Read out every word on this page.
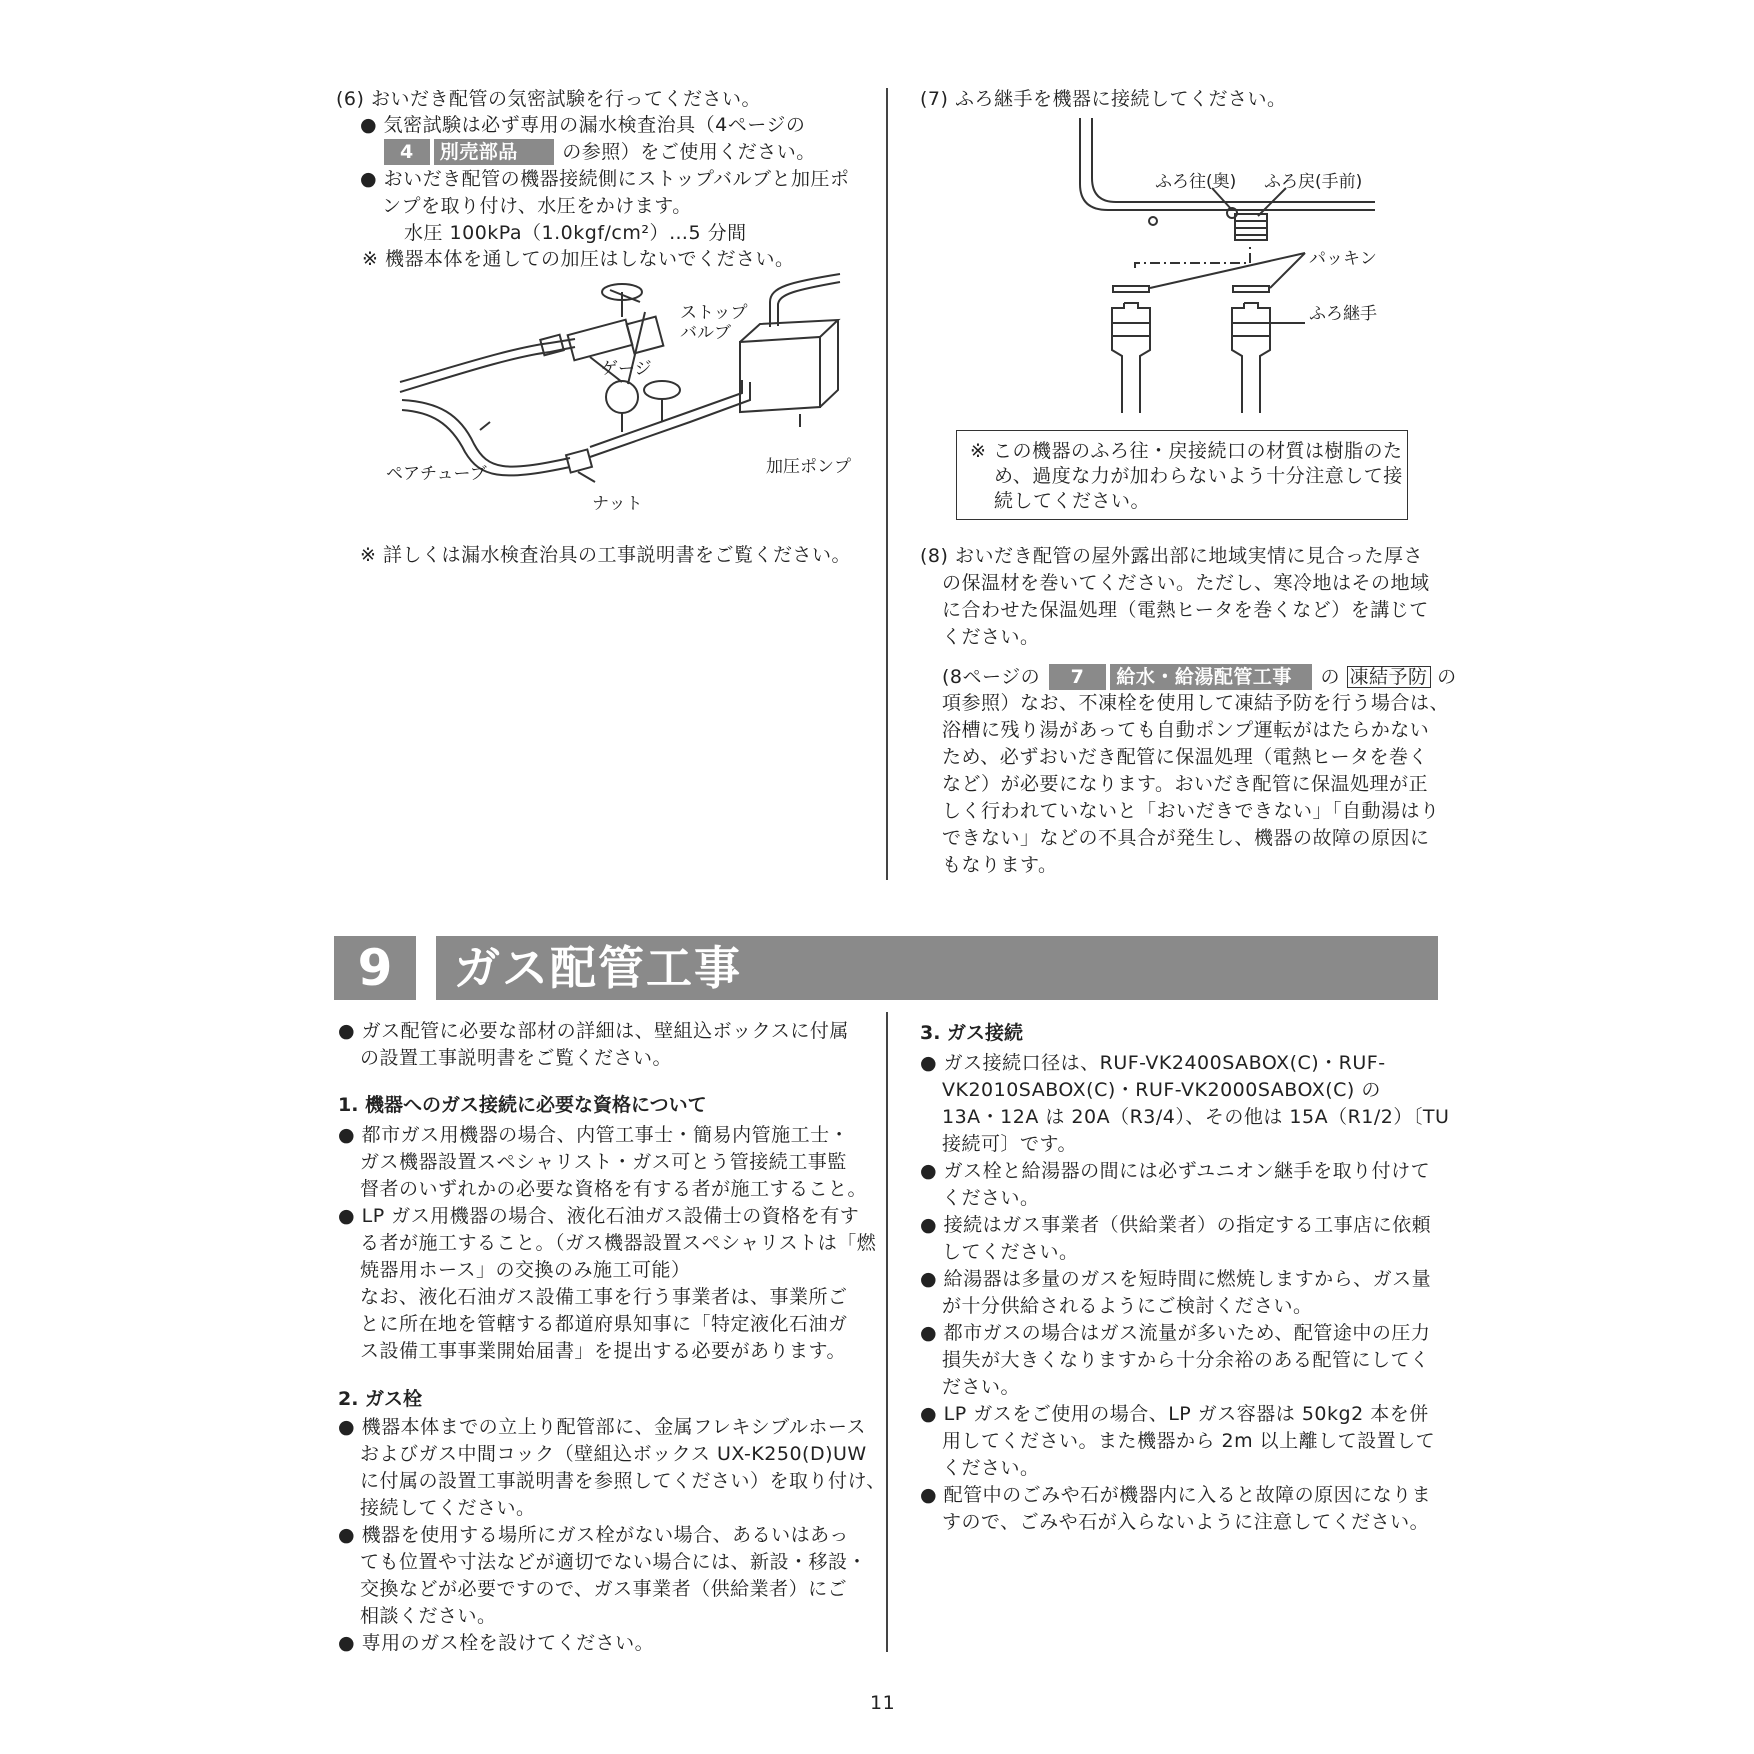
(6) おいだき配管の気密試験を行ってください。
● 気密試験は必ず専用の漏水検査治具（4ページの
4 別売部品 の参照）をご使用ください。
● おいだき配管の機器接続側にストップバルブと加圧ポ
ンプを取り付け、水圧をかけます。
水圧 100kPa（1.0kgf/cm²）…5 分間
※ 機器本体を通しての加圧はしないでください。
ストップ
バルブ
ゲージ
ペアチューブ	加圧ポンプ
ナット
※ 詳しくは漏水検査治具の工事説明書をご覧ください。
(7) ふろ継手を機器に接続してください。
ふろ往(奥) ふろ戻(手前)
パッキン
ふろ継手
※ この機器のふろ往・戻接続口の材質は樹脂のた
め、過度な力が加わらないよう十分注意して接
続してください。
(8) おいだき配管の屋外露出部に地域実情に見合った厚さ
の保温材を巻いてください。ただし、寒冷地はその地域
に合わせた保温処理（電熱ヒータを巻くなど）を講じて
ください。
(8ページの 7 給水・給湯配管工事 の 凍結予防 の
項参照）なお、不凍栓を使用して凍結予防を行う場合は、
浴槽に残り湯があっても自動ポンプ運転がはたらかない
ため、必ずおいだき配管に保温処理（電熱ヒータを巻く
など）が必要になります。おいだき配管に保温処理が正
しく行われていないと「おいだきできない」「自動湯はり
できない」などの不具合が発生し、機器の故障の原因に
もなります。
9	ガス配管工事
● ガス配管に必要な部材の詳細は、壁組込ボックスに付属
の設置工事説明書をご覧ください。
1. 機器へのガス接続に必要な資格について
● 都市ガス用機器の場合、内管工事士・簡易内管施工士・
ガス機器設置スペシャリスト・ガス可とう管接続工事監
督者のいずれかの必要な資格を有する者が施工すること。
● LP ガス用機器の場合、液化石油ガス設備士の資格を有す
る者が施工すること。（ガス機器設置スペシャリストは「燃
焼器用ホース」の交換のみ施工可能）
なお、液化石油ガス設備工事を行う事業者は、事業所ご
とに所在地を管轄する都道府県知事に「特定液化石油ガ
ス設備工事事業開始届書」を提出する必要があります。
2. ガス栓
● 機器本体までの立上り配管部に、金属フレキシブルホース
およびガス中間コック（壁組込ボックス UX-K250(D)UW
に付属の設置工事説明書を参照してください）を取り付け、
接続してください。
● 機器を使用する場所にガス栓がない場合、あるいはあっ
ても位置や寸法などが適切でない場合には、新設・移設・
交換などが必要ですので、ガス事業者（供給業者）にご
相談ください。
● 専用のガス栓を設けてください。
3. ガス接続
● ガス接続口径は、RUF-VK2400SABOX(C)・RUF-
VK2010SABOX(C)・RUF-VK2000SABOX(C) の
13A・12A は 20A（R3/4）、その他は 15A（R1/2）〔TU
接続可〕です。
● ガス栓と給湯器の間には必ずユニオン継手を取り付けて
ください。
● 接続はガス事業者（供給業者）の指定する工事店に依頼
してください。
● 給湯器は多量のガスを短時間に燃焼しますから、ガス量
が十分供給されるようにご検討ください。
● 都市ガスの場合はガス流量が多いため、配管途中の圧力
損失が大きくなりますから十分余裕のある配管にしてく
ださい。
● LP ガスをご使用の場合、LP ガス容器は 50kg2 本を併
用してください。また機器から 2m 以上離して設置して
ください。
● 配管中のごみや石が機器内に入ると故障の原因になりま
すので、ごみや石が入らないように注意してください。
11
